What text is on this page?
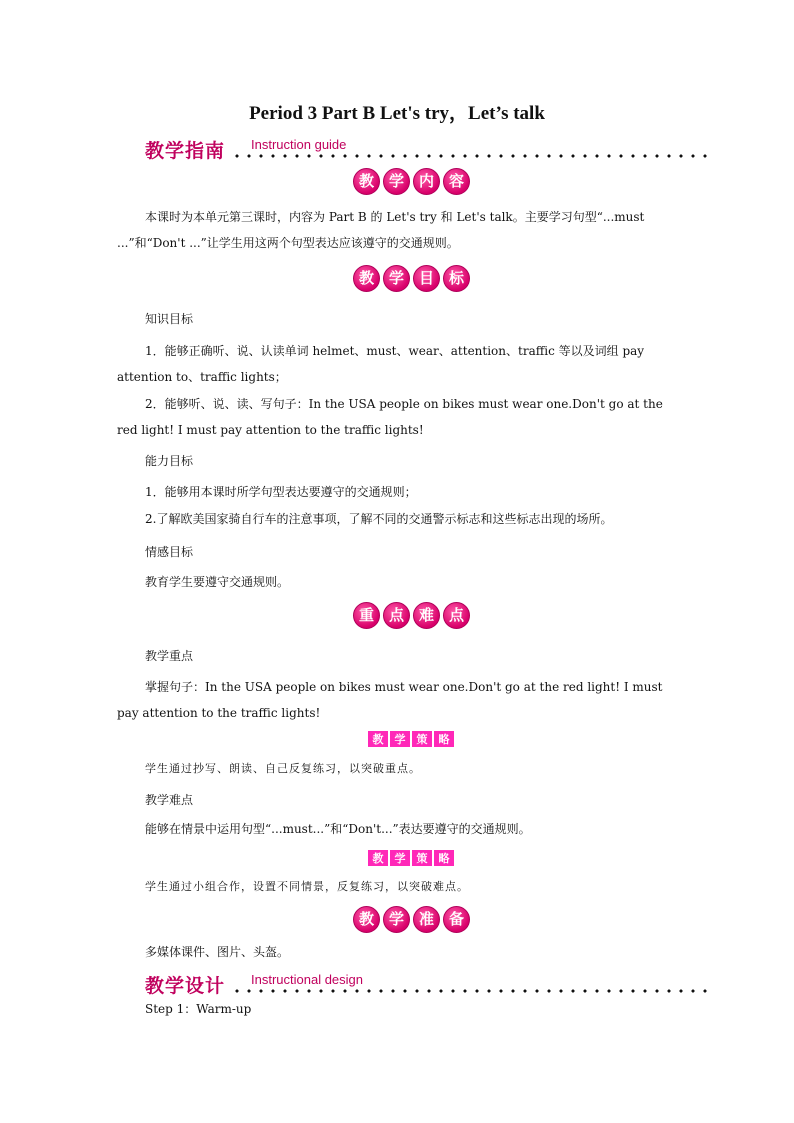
Period 3 Part B Let's try，Let’s talk
教学指南 Instruction guide
教 学 内 容

本课时为本单元第三课时，内容为 Part B 的 Let's try 和 Let's talk。主要学习句型“...must ...”和“Don't ...”让学生用这两个句型表达应该遵守的交通规则。

教 学 目 标
知识目标

1．能够正确听、说、认读单词 helmet、must、wear、attention、traffic 等以及词组 pay attention to、traffic lights；

2．能够听、说、读、写句子：In the USA people on bikes must wear one.Don't go at the red light! I must pay attention to the traffic lights!

能力目标

1．能够用本课时所学句型表达要遵守的交通规则；

2.了解欧美国家骑自行车的注意事项，了解不同的交通警示标志和这些标志出现的场所。

情感目标

教育学生要遵守交通规则。

重 点 难 点
教学重点

掌握句子：In the USA people on bikes must wear one.Don't go at the red light! I must pay attention to the traffic lights!

教	学	策	略
学生通过抄写、朗读、自己反复练习，以突破重点。
教学难点

能够在情景中运用句型“...must...”和“Don't...”表达要遵守的交通规则。

教	学	策	略
学生通过小组合作，设置不同情景，反复练习，以突破难点。
教 学 准 备

多媒体课件、图片、头盔。

教学设计 Instructional design

Step 1：Warm-up
